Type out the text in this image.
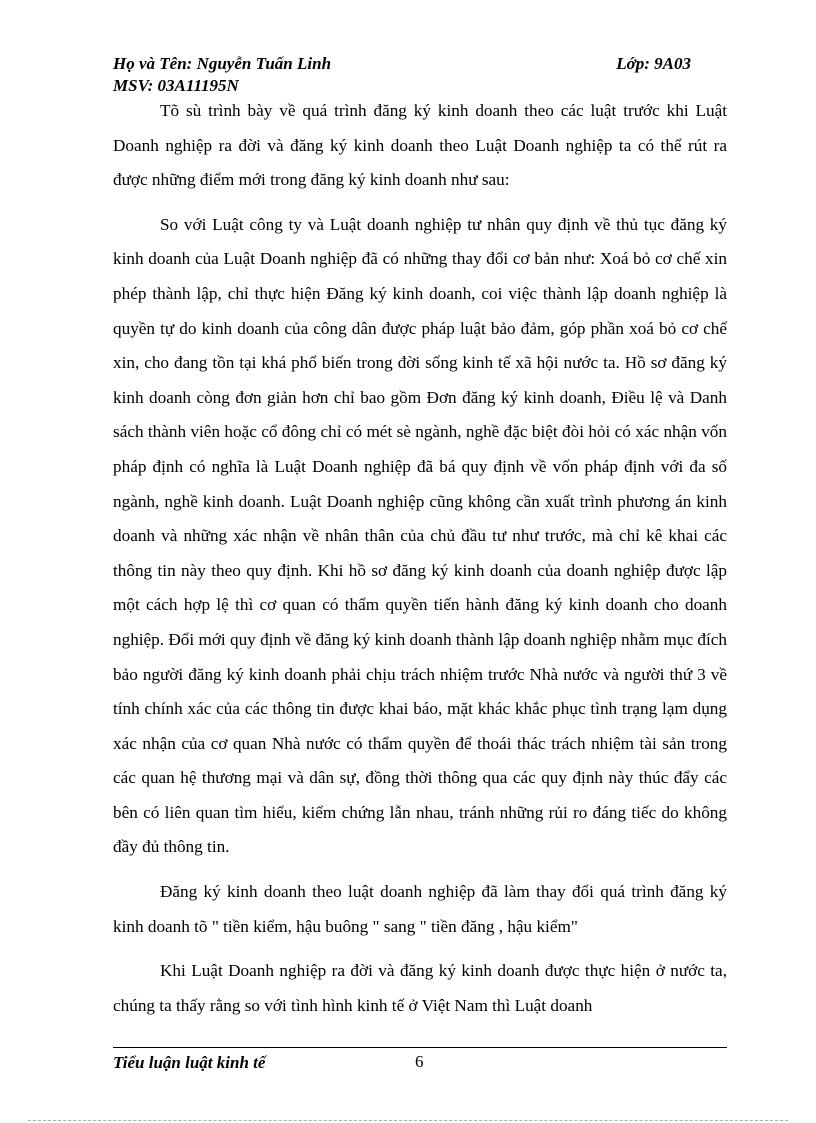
Họ và Tên: Nguyễn Tuấn Linh	Lớp: 9A03
MSV: 03A11195N

Tõ sù trình bày về quá trình đăng ký kinh doanh theo các luật trước khi Luật Doanh nghiệp ra đời và đăng ký kinh doanh theo Luật Doanh nghiệp ta có thể rút ra được những điểm mới trong đăng ký kinh doanh như sau:

So với Luật công ty và Luật doanh nghiệp tư nhân quy định về thủ tục đăng ký kinh doanh của Luật Doanh nghiệp đã có những thay đổi cơ bản như: Xoá bỏ cơ chế xin phép thành lập, chỉ thực hiện Đăng ký kinh doanh, coi việc thành lập doanh nghiệp là quyền tự do kinh doanh của công dân được pháp luật bảo đảm, góp phần xoá bỏ cơ chế xin, cho đang tồn tại khá phổ biến trong đời sống kinh tế xã hội nước ta. Hồ sơ đăng ký kinh doanh còng đơn giản hơn chỉ bao gồm Đơn đăng ký kinh doanh, Điều lệ và Danh sách thành viên hoặc cổ đông chỉ có mét sè ngành, nghề đặc biệt đòi hỏi có xác nhận vốn pháp định có nghĩa là Luật Doanh nghiệp đã bá quy định về vốn pháp định với đa số ngành, nghề kinh doanh. Luật Doanh nghiệp cũng không cần xuất trình phương án kinh doanh và những xác nhận về nhân thân của chủ đầu tư như trước, mà chỉ kê khai các thông tin này theo quy định. Khi hồ sơ đăng ký kinh doanh của doanh nghiệp được lập một cách hợp lệ thì cơ quan có thẩm quyền tiến hành đăng ký kinh doanh cho doanh nghiệp. Đổi mới quy định về đăng ký kinh doanh thành lập doanh nghiệp nhằm mục đích bảo người đăng ký kinh doanh phải chịu trách nhiệm trước Nhà nước và người thứ 3 về tính chính xác của các thông tin được khai báo, mặt khác khắc phục tình trạng lạm dụng xác nhận của cơ quan Nhà nước có thẩm quyền để thoái thác trách nhiệm tài sản trong các quan hệ thương mại và dân sự, đồng thời thông qua các quy định này thúc đẩy các bên có liên quan tìm hiểu, kiểm chứng lẫn nhau, tránh những rủi ro đáng tiếc do không đầy đủ thông tin.

Đăng ký kinh doanh theo luật doanh nghiệp đã làm thay đổi quá trình đăng ký kinh doanh tõ " tiền kiểm, hậu buông " sang " tiền đăng , hậu kiểm"

Khi Luật Doanh nghiệp ra đời và đăng ký kinh doanh được thực hiện ở nước ta, chúng ta thấy rằng so với tình hình kinh tế ở Việt Nam thì Luật doanh

Tiểu luận luật kinh tế	6
